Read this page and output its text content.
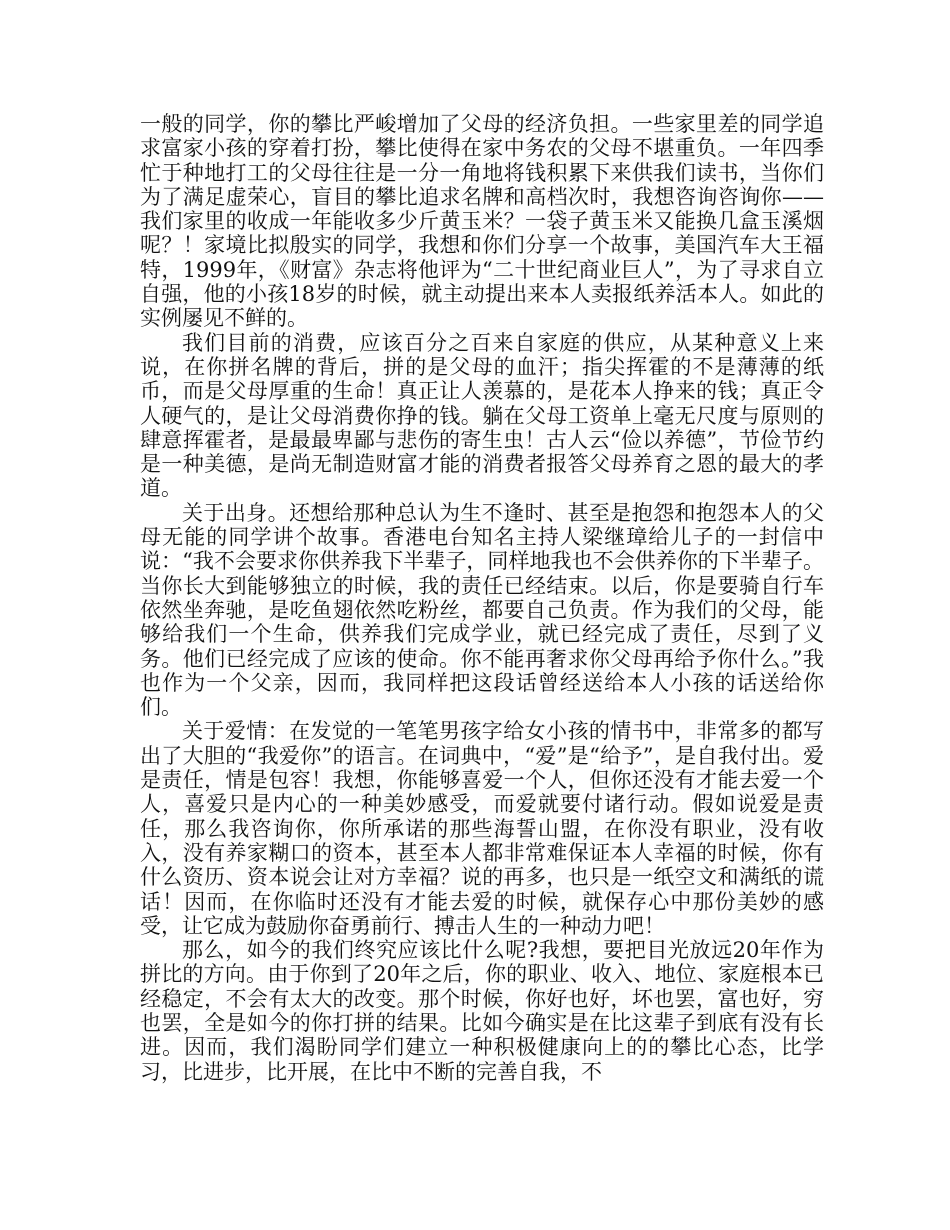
一般的同学，你的攀比严峻增加了父母的经济负担。一些家里差的同学追求富家小孩的穿着打扮，攀比使得在家中务农的父母不堪重负。一年四季忙于种地打工的父母往往是一分一角地将钱积累下来供我们读书，当你们为了满足虚荣心，盲目的攀比追求名牌和高档次时，我想咨询咨询你——我们家里的收成一年能收多少斤黄玉米？一袋子黄玉米又能换几盒玉溪烟呢？！家境比拟殷实的同学，我想和你们分享一个故事，美国汽车大王福特，1999年，《财富》杂志将他评为“二十世纪商业巨人”，为了寻求自立自强，他的小孩18岁的时候，就主动提出来本人卖报纸养活本人。如此的实例屡见不鲜的。

我们目前的消费，应该百分之百来自家庭的供应，从某种意义上来说，在你拼名牌的背后，拼的是父母的血汗；指尖挥霍的不是薄薄的纸币，而是父母厚重的生命！真正让人羡慕的，是花本人挣来的钱；真正令人硬气的，是让父母消费你挣的钱。躺在父母工资单上毫无尺度与原则的肆意挥霍者，是最最卑鄙与悲伤的寄生虫！古人云“俭以养德”，节俭节约是一种美德，是尚无制造财富才能的消费者报答父母养育之恩的最大的孝道。

关于出身。还想给那种总认为生不逢时、甚至是抱怨和抱怨本人的父母无能的同学讲个故事。香港电台知名主持人梁继璋给儿子的一封信中说：“我不会要求你供养我下半辈子，同样地我也不会供养你的下半辈子。当你长大到能够独立的时候，我的责任已经结束。以后，你是要骑自行车依然坐奔驰，是吃鱼翅依然吃粉丝，都要自己负责。作为我们的父母，能够给我们一个生命，供养我们完成学业，就已经完成了责任，尽到了义务。他们已经完成了应该的使命。你不能再奢求你父母再给予你什么。”我也作为一个父亲，因而，我同样把这段话曾经送给本人小孩的话送给你们。

关于爱情：在发觉的一笔笔男孩字给女小孩的情书中，非常多的都写出了大胆的“我爱你”的语言。在词典中，“爱”是“给予”，是自我付出。爱是责任，情是包容！我想，你能够喜爱一个人，但你还没有才能去爱一个人，喜爱只是内心的一种美妙感受，而爱就要付诸行动。假如说爱是责任，那么我咨询你，你所承诺的那些海誓山盟，在你没有职业，没有收入，没有养家糊口的资本，甚至本人都非常难保证本人幸福的时候，你有什么资历、资本说会让对方幸福？说的再多，也只是一纸空文和满纸的谎话！因而，在你临时还没有才能去爱的时候，就保存心中那份美妙的感受，让它成为鼓励你奋勇前行、搏击人生的一种动力吧！

那么，如今的我们终究应该比什么呢?我想，要把目光放远20年作为拼比的方向。由于你到了20年之后，你的职业、收入、地位、家庭根本已经稳定，不会有太大的改变。那个时候，你好也好，坏也罢，富也好，穷也罢，全是如今的你打拼的结果。比如今确实是在比这辈子到底有没有长进。因而，我们渴盼同学们建立一种积极健康向上的的攀比心态，比学习，比进步，比开展，在比中不断的完善自我，不
